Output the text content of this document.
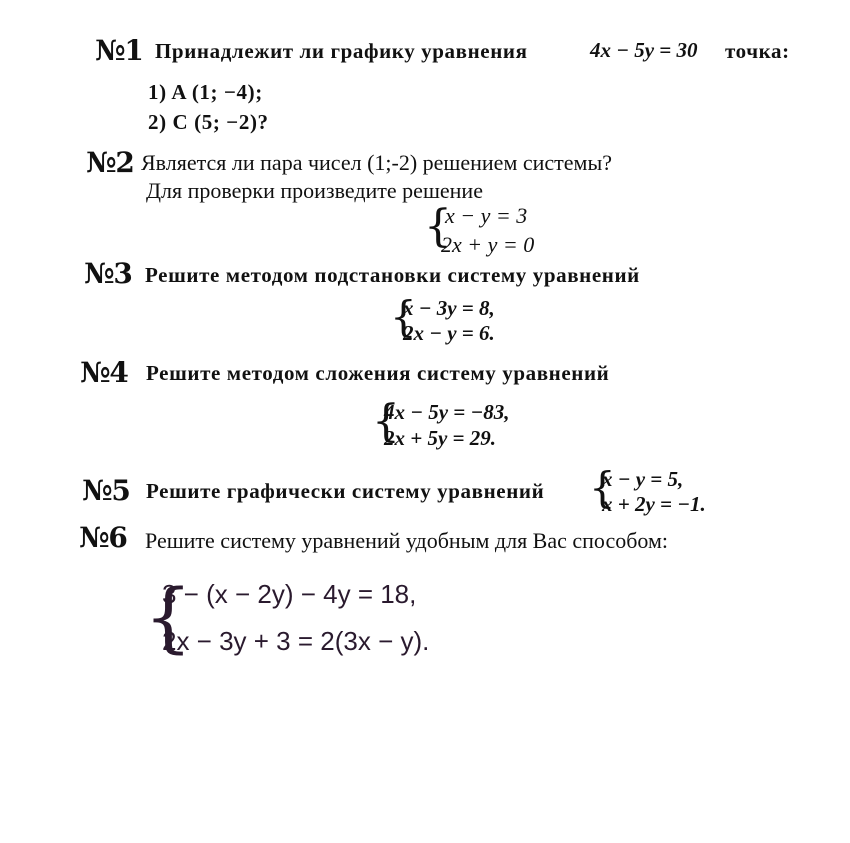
№1 Принадлежит ли графику уравнения	4x − 5y = 30 точка:
1) A (1; −4);
2) C (5; −2)?
№2 Является ли пара чисел (1;-2) решением системы?
Для проверки произведите решение
{
x − y = 3
2x + y = 0
№3 Решите методом подстановки систему уравнений
{
x − 3y = 8,
2x − y = 6.
№4 Решите методом сложения систему уравнений
{
4x − 5y = −83,
2x + 5y = 29.
№5 Решите графически систему уравнений {
x − y = 5,
x + 2y = −1.
№6 Решите систему уравнений удобным для Вас способом:
{
3 − (x − 2y) − 4y = 18,
2x − 3y + 3 = 2(3x − y).
